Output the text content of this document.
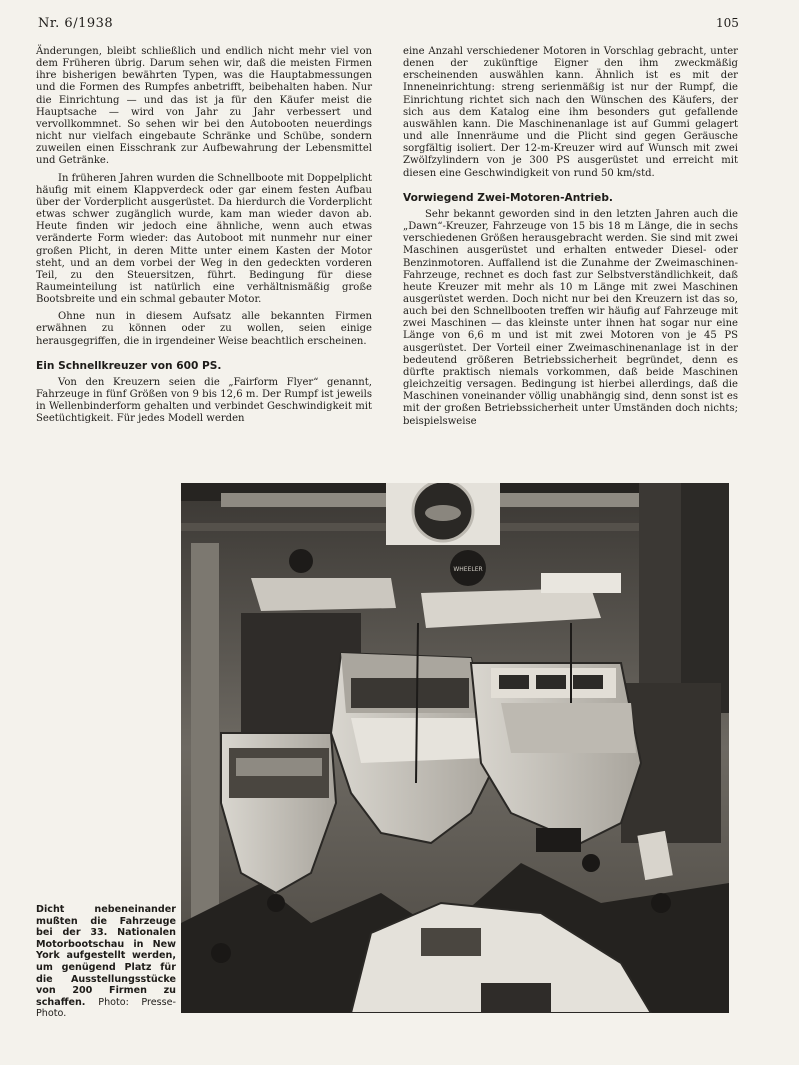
Nr. 6/1938	105

Änderungen, bleibt schließlich und endlich nicht mehr viel von dem Früheren übrig. Darum sehen wir, daß die meisten Firmen ihre bisherigen bewährten Typen, was die Hauptabmessungen und die Formen des Rumpfes anbetrifft, beibehalten haben. Nur die Einrichtung — und das ist ja für den Käufer meist die Hauptsache — wird von Jahr zu Jahr verbessert und vervollkommnet. So sehen wir bei den Autobooten neuerdings nicht nur vielfach eingebaute Schränke und Schübe, sondern zuweilen einen Eisschrank zur Aufbewahrung der Lebensmittel und Getränke.

In früheren Jahren wurden die Schnellboote mit Doppelplicht häufig mit einem Klappverdeck oder gar einem festen Aufbau über der Vorderplicht ausgerüstet. Da hierdurch die Vorderplicht etwas schwer zugänglich wurde, kam man wieder davon ab. Heute finden wir jedoch eine ähnliche, wenn auch etwas veränderte Form wieder: das Autoboot mit nunmehr nur einer großen Plicht, in deren Mitte unter einem Kasten der Motor steht, und an dem vorbei der Weg in den gedeckten vorderen Teil, zu den Steuersitzen, führt. Bedingung für diese Raumeinteilung ist natürlich eine verhältnismäßig große Bootsbreite und ein schmal gebauter Motor.

Ohne nun in diesem Aufsatz alle bekannten Firmen erwähnen zu können oder zu wollen, seien einige herausgegriffen, die in irgendeiner Weise beachtlich erscheinen.

Ein Schnellkreuzer von 600 PS.

Von den Kreuzern seien die „Fairform Flyer“ genannt, Fahrzeuge in fünf Größen von 9 bis 12,6 m. Der Rumpf ist jeweils in Wellenbinderform gehalten und verbindet Geschwindigkeit mit Seetüchtigkeit. Für jedes Modell werden

eine Anzahl verschiedener Motoren in Vorschlag gebracht, unter denen der zukünftige Eigner den ihm zweckmäßig erscheinenden auswählen kann. Ähnlich ist es mit der Inneneinrichtung: streng serienmäßig ist nur der Rumpf, die Einrichtung richtet sich nach den Wünschen des Käufers, der sich aus dem Katalog eine ihm besonders gut gefallende auswählen kann. Die Maschinenanlage ist auf Gummi gelagert und alle Innenräume und die Plicht sind gegen Geräusche sorgfältig isoliert. Der 12-m-Kreuzer wird auf Wunsch mit zwei Zwölfzylindern von je 300 PS ausgerüstet und erreicht mit diesen eine Geschwindigkeit von rund 50 km/std.

Vorwiegend Zwei-Motoren-Antrieb.

Sehr bekannt geworden sind in den letzten Jahren auch die „Dawn“-Kreuzer, Fahrzeuge von 15 bis 18 m Länge, die in sechs verschiedenen Größen herausgebracht werden. Sie sind mit zwei Maschinen ausgerüstet und erhalten entweder Diesel- oder Benzinmotoren. Auffallend ist die Zunahme der Zweimaschinen-Fahrzeuge, rechnet es doch fast zur Selbstverständlichkeit, daß heute Kreuzer mit mehr als 10 m Länge mit zwei Maschinen ausgerüstet werden. Doch nicht nur bei den Kreuzern ist das so, auch bei den Schnellbooten treffen wir häufig auf Fahrzeuge mit zwei Maschinen — das kleinste unter ihnen hat sogar nur eine Länge von 6,6 m und ist mit zwei Motoren von je 45 PS ausgerüstet. Der Vorteil einer Zweimaschinenanlage ist in der bedeutend größeren Betriebssicherheit begründet, denn es dürfte praktisch niemals vorkommen, daß beide Maschinen gleichzeitig versagen. Bedingung ist hierbei allerdings, daß die Maschinen voneinander völlig unabhängig sind, denn sonst ist es mit der großen Betriebssicherheit unter Umständen doch nichts; beispielsweise

WHEELER
Dicht nebeneinander mußten die Fahrzeuge bei der 33. Nationalen Motorbootschau in New York aufgestellt werden, um genügend Platz für die Ausstellungsstücke von 200 Firmen zu schaffen. Photo: Presse-Photo.
